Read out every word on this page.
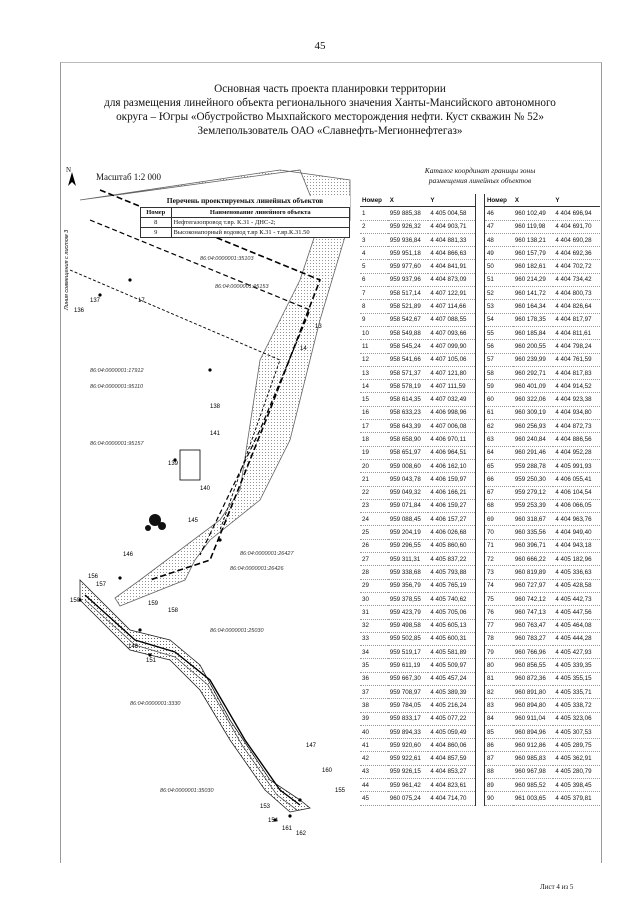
45
Основная часть проекта планировки территории
для размещения линейного объекта регионального значения Ханты-Мансийского автономного
округа – Югры «Обустройство Мыхпайского месторождения нефти. Куст скважин № 52»
Землепользователь ОАО «Славнефть-Мегионнефтегаз»
N
Масштаб 1:2 000
86:04:0000001:35103
86:04:0000001:95153
86:04:0000001:17912
86:04:0000001:95110
86:04:0000001:95157
86:04:0000001:26427
86:04:0000001:26426
86:04:0000001:25030
86:04:0000001:3330
86:04:0000001:35030
17
137
136
13
14
138
139
140
145
146
156
157
158
148
151
147
160
153
154
155
161
162
150	159
141
Линия совмещения с листом 3
Перечень проектируемых линейных объектов
Номер	Наименование линейного объекта
8	Нефтегазопровод т.вр. К.31 - ДНС-2;
9	Высоконапорный водовод т.вр К.31 - т.вр.К.31.50
Каталог координат границы зоны
размещения линейных объектов
Номер	X	Y		Номер	X	Y
1	959 885,38	4 405 004,58		46	960 102,49	4 404 696,94
2	959 926,32	4 404 903,71		47	960 119,98	4 404 691,70
3	959 936,84	4 404 881,33		48	960 138,21	4 404 690,28
4	959 951,18	4 404 866,63		49	960 157,79	4 404 692,36
5	959 977,60	4 404 841,91		50	960 182,61	4 404 702,72
6	959 937,96	4 404 873,09		51	960 214,29	4 404 734,42
7	958 517,14	4 407 122,91		52	960 141,72	4 404 800,73
8	958 521,89	4 407 114,66		53	960 164,34	4 404 826,64
9	958 542,67	4 407 088,55		54	960 178,35	4 404 817,97
10	958 549,88	4 407 093,66		55	960 185,84	4 404 811,61
11	958 545,24	4 407 099,90		56	960 200,55	4 404 798,24
12	958 541,66	4 407 105,06		57	960 239,99	4 404 761,59
13	958 571,37	4 407 121,80		58	960 292,71	4 404 817,83
14	958 578,19	4 407 111,59		59	960 401,09	4 404 914,52
15	958 614,35	4 407 032,49		60	960 322,06	4 404 923,38
16	958 633,23	4 406 998,96		61	960 309,19	4 404 934,80
17	958 643,39	4 407 006,08		62	960 256,93	4 404 872,73
18	958 658,90	4 406 970,11		63	960 240,84	4 404 886,56
19	958 651,97	4 406 964,51		64	960 291,46	4 404 952,28
20	959 008,60	4 406 162,10		65	959 288,78	4 405 991,93
21	959 043,78	4 406 159,97		66	959 250,30	4 406 055,41
22	959 049,32	4 406 166,21		67	959 279,12	4 406 104,54
23	959 071,84	4 406 159,27		68	959 253,39	4 406 066,05
24	959 088,45	4 406 157,27		69	960 318,67	4 404 963,76
25	959 204,19	4 406 026,68		70	960 335,56	4 404 949,40
26	959 296,55	4 405 860,60		71	960 396,71	4 404 943,18
27	959 311,31	4 405 837,22		72	960 666,22	4 405 182,96
28	959 338,68	4 405 793,88		73	960 819,89	4 405 336,63
29	959 356,79	4 405 765,19		74	960 727,97	4 405 428,58
30	959 378,55	4 405 740,62		75	960 742,12	4 405 442,73
31	959 423,79	4 405 705,06		76	960 747,13	4 405 447,56
32	959 498,58	4 405 605,13		77	960 763,47	4 405 464,08
33	959 502,85	4 405 600,31		78	960 783,27	4 405 444,28
34	959 519,17	4 405 581,89		79	960 766,96	4 405 427,93
35	959 611,19	4 405 509,97		80	960 856,55	4 405 339,35
36	959 667,30	4 405 457,24		81	960 872,36	4 405 355,15
37	959 708,97	4 405 389,39		82	960 891,80	4 405 335,71
38	959 784,05	4 405 216,24		83	960 894,80	4 405 338,72
39	959 833,17	4 405 077,22		84	960 911,04	4 405 323,06
40	959 894,33	4 405 059,49		85	960 894,96	4 405 307,53
41	959 920,60	4 404 860,06		86	960 912,86	4 405 289,75
42	959 922,61	4 404 857,59		87	960 985,83	4 405 362,91
43	959 926,15	4 404 853,27		88	960 967,98	4 405 280,79
44	959 961,42	4 404 823,61		89	960 985,52	4 405 398,45
45	960 075,24	4 404 714,70		90	961 003,65	4 405 379,81
Лист 4 из 5
